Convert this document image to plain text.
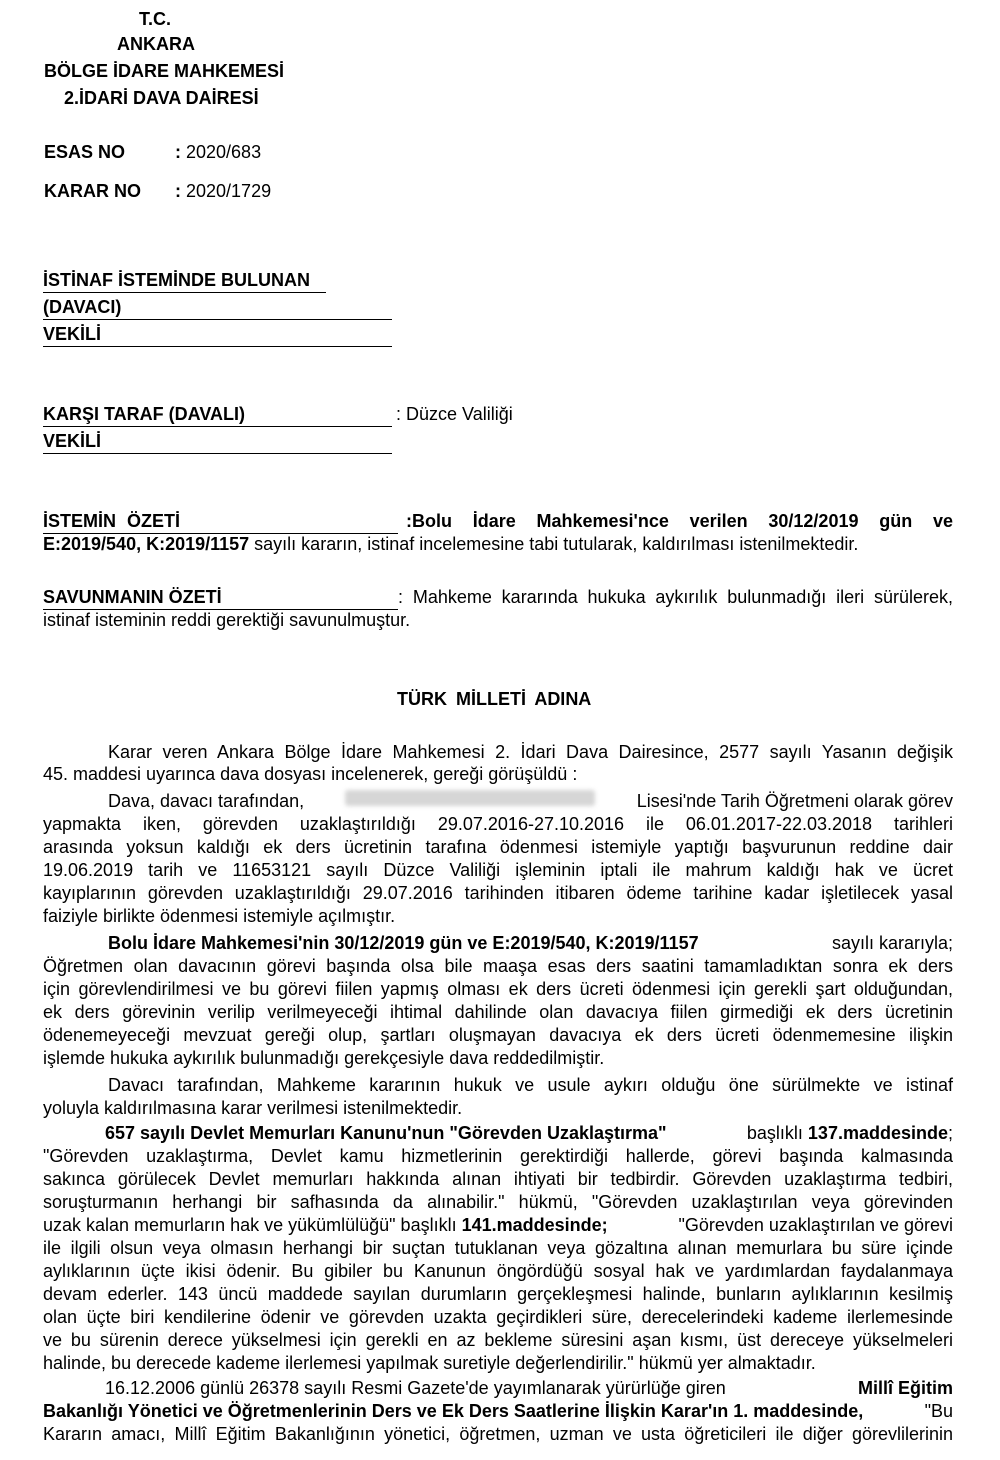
T.C.
ANKARA
BÖLGE İDARE MAHKEMESİ
2.İDARİ DAVA DAİRESİ
ESAS NO	: 2020/683
KARAR NO : 2020/1729
İSTİNAF İSTEMİNDE BULUNAN
(DAVACI)
VEKİLİ
KARŞI TARAF (DAVALI)	: Düzce Valiliği
VEKİLİ
İSTEMİN ÖZETİ	:Bolu İdare Mahkemesi'nce verilen 30/12/2019 gün ve
E:2019/540, K:2019/1157 sayılı kararın, istinaf incelemesine tabi tutularak, kaldırılması istenilmektedir.
SAVUNMANIN ÖZETİ	: Mahkeme kararında hukuka aykırılık bulunmadığı ileri sürülerek,
istinaf isteminin reddi gerektiği savunulmuştur.
TÜRK MİLLETİ ADINA
Karar veren Ankara Bölge İdare Mahkemesi 2. İdari Dava Dairesince, 2577 sayılı Yasanın değişik
45. maddesi uyarınca dava dosyası incelenerek, gereği görüşüldü :
Dava, davacı tarafından,	Lisesi'nde Tarih Öğretmeni olarak görev
yapmakta iken, görevden uzaklaştırıldığı 29.07.2016-27.10.2016 ile 06.01.2017-22.03.2018 tarihleri
arasında yoksun kaldığı ek ders ücretinin tarafına ödenmesi istemiyle yaptığı başvurunun reddine dair
19.06.2019 tarih ve 11653121 sayılı Düzce Valiliği işleminin iptali ile mahrum kaldığı hak ve ücret
kayıplarının görevden uzaklaştırıldığı 29.07.2016 tarihinden itibaren ödeme tarihine kadar işletilecek yasal
faiziyle birlikte ödenmesi istemiyle açılmıştır.
Bolu İdare Mahkemesi'nin 30/12/2019 gün ve E:2019/540, K:2019/1157	sayılı kararıyla;
Öğretmen olan davacının görevi başında olsa bile maaşa esas ders saatini tamamladıktan sonra ek ders
için görevlendirilmesi ve bu görevi fiilen yapmış olması ek ders ücreti ödenmesi için gerekli şart olduğundan,
ek ders görevinin verilip verilmeyeceği ihtimal dahilinde olan davacıya fiilen girmediği ek ders ücretinin
ödenemeyeceği mevzuat gereği olup, şartları oluşmayan davacıya ek ders ücreti ödenmemesine ilişkin
işlemde hukuka aykırılık bulunmadığı gerekçesiyle dava reddedilmiştir.
Davacı tarafından, Mahkeme kararının hukuk ve usule aykırı olduğu öne sürülmekte ve istinaf
yoluyla kaldırılmasına karar verilmesi istenilmektedir.
657 sayılı Devlet Memurları Kanunu'nun "Görevden Uzaklaştırma"	başlıklı 137.maddesinde;
"Görevden uzaklaştırma, Devlet kamu hizmetlerinin gerektirdiği hallerde, görevi başında kalmasında
sakınca görülecek Devlet memurları hakkında alınan ihtiyati bir tedbirdir. Görevden uzaklaştırma tedbiri,
soruşturmanın herhangi bir safhasında da alınabilir." hükmü, "Görevden uzaklaştırılan veya görevinden
uzak kalan memurların hak ve yükümlülüğü" başlıklı 141.maddesinde;	"Görevden uzaklaştırılan ve görevi
ile ilgili olsun veya olmasın herhangi bir suçtan tutuklanan veya gözaltına alınan memurlara bu süre içinde
aylıklarının üçte ikisi ödenir. Bu gibiler bu Kanunun öngördüğü sosyal hak ve yardımlardan faydalanmaya
devam ederler. 143 üncü maddede sayılan durumların gerçekleşmesi halinde, bunların aylıklarının kesilmiş
olan üçte biri kendilerine ödenir ve görevden uzakta geçirdikleri süre, derecelerindeki kademe ilerlemesinde
ve bu sürenin derece yükselmesi için gerekli en az bekleme süresini aşan kısmı, üst dereceye yükselmeleri
halinde, bu derecede kademe ilerlemesi yapılmak suretiyle değerlendirilir." hükmü yer almaktadır.
16.12.2006 günlü 26378 sayılı Resmi Gazete'de yayımlanarak yürürlüğe giren	Millî Eğitim
Bakanlığı Yönetici ve Öğretmenlerinin Ders ve Ek Ders Saatlerine İlişkin Karar'ın 1. maddesinde,	"Bu
Kararın amacı, Millî Eğitim Bakanlığının yönetici, öğretmen, uzman ve usta öğreticileri ile diğer görevlilerinin
